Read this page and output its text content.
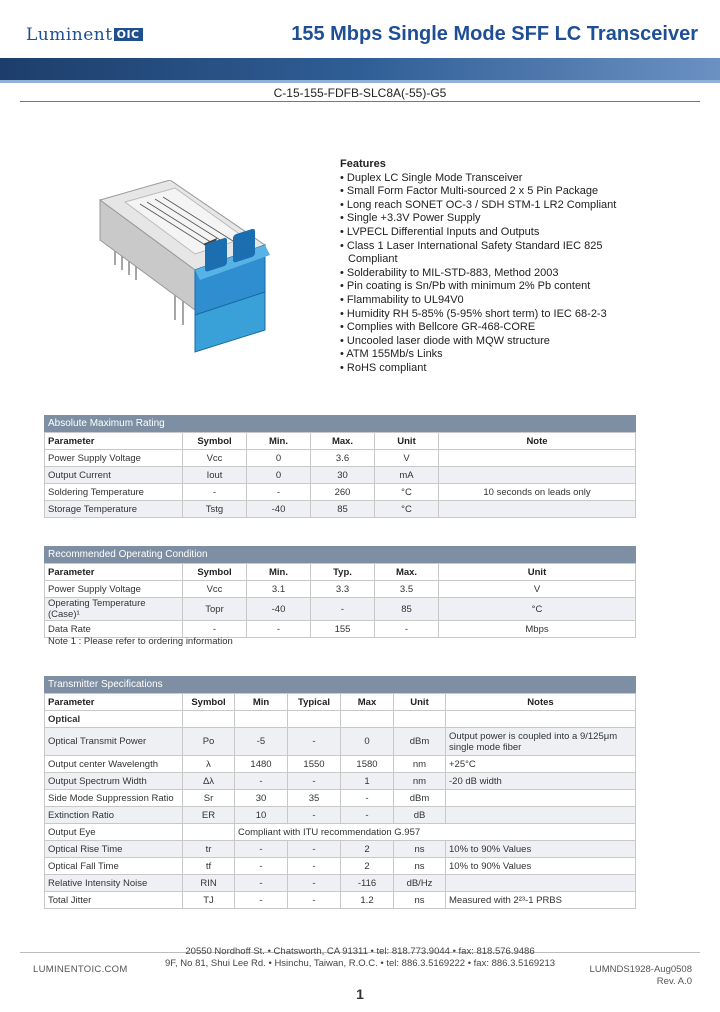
Luminent OIC	155 Mbps Single Mode SFF LC Transceiver
C-15-155-FDFB-SLC8A(-55)-G5
Features
• Duplex LC Single Mode Transceiver
• Small Form Factor Multi-sourced 2 x 5 Pin Package
• Long reach SONET OC-3 / SDH STM-1 LR2 Compliant
• Single +3.3V Power Supply
• LVPECL Differential Inputs and Outputs
• Class 1 Laser International Safety Standard IEC 825
Compliant
• Solderability to MIL-STD-883, Method 2003
• Pin coating is Sn/Pb with minimum 2% Pb content
• Flammability to UL94V0
• Humidity RH 5-85% (5-95% short term) to IEC 68-2-3
• Complies with Bellcore GR-468-CORE
• Uncooled laser diode with MQW structure
• ATM 155Mb/s Links
• RoHS compliant
Absolute Maximum Rating
Parameter	Symbol	Min.	Max.	Unit	Note
Power Supply Voltage	Vcc	0	3.6	V	
Output Current	Iout	0	30	mA	
Soldering Temperature	-	-	260	°C	10 seconds on leads only
Storage Temperature	Tstg	-40	85	°C	
Recommended Operating Condition
Parameter	Symbol	Min.	Typ.	Max.	Unit
Power Supply Voltage	Vcc	3.1	3.3	3.5	V
Operating Temperature (Case)¹	Topr	-40	-	85	°C
Data Rate	-	-	155	-	Mbps
Note 1 : Please refer to ordering information
Transmitter Specifications
Parameter	Symbol	Min	Typical	Max	Unit	Notes
Optical						
Optical Transmit Power	Po	-5	-	0	dBm	Output power is coupled into a 9/125μm single mode fiber
Output center Wavelength	λ	1480	1550	1580	nm	+25°C
Output Spectrum Width	Δλ	-	-	1	nm	-20 dB width
Side Mode Suppression Ratio	Sr	30	35	-	dBm	
Extinction Ratio	ER	10	-	-	dB	
Output Eye		Compliant with ITU recommendation G.957				
Optical Rise Time	tr	-	-	2	ns	10% to 90% Values
Optical Fall Time	tf	-	-	2	ns	10% to 90% Values
Relative Intensity Noise	RIN	-	-	-116	dB/Hz	
Total Jitter	TJ	-	-	1.2	ns	Measured with 2²³-1 PRBS
LUMINENTOIC.COM
20550 Nordhoff St. • Chatsworth, CA 91311 • tel: 818.773.9044 • fax: 818.576.9486
9F, No 81, Shui Lee Rd. • Hsinchu, Taiwan, R.O.C. • tel: 886.3.5169222 • fax: 886.3.5169213
LUMNDS1928-Aug0508
Rev. A.0
1
